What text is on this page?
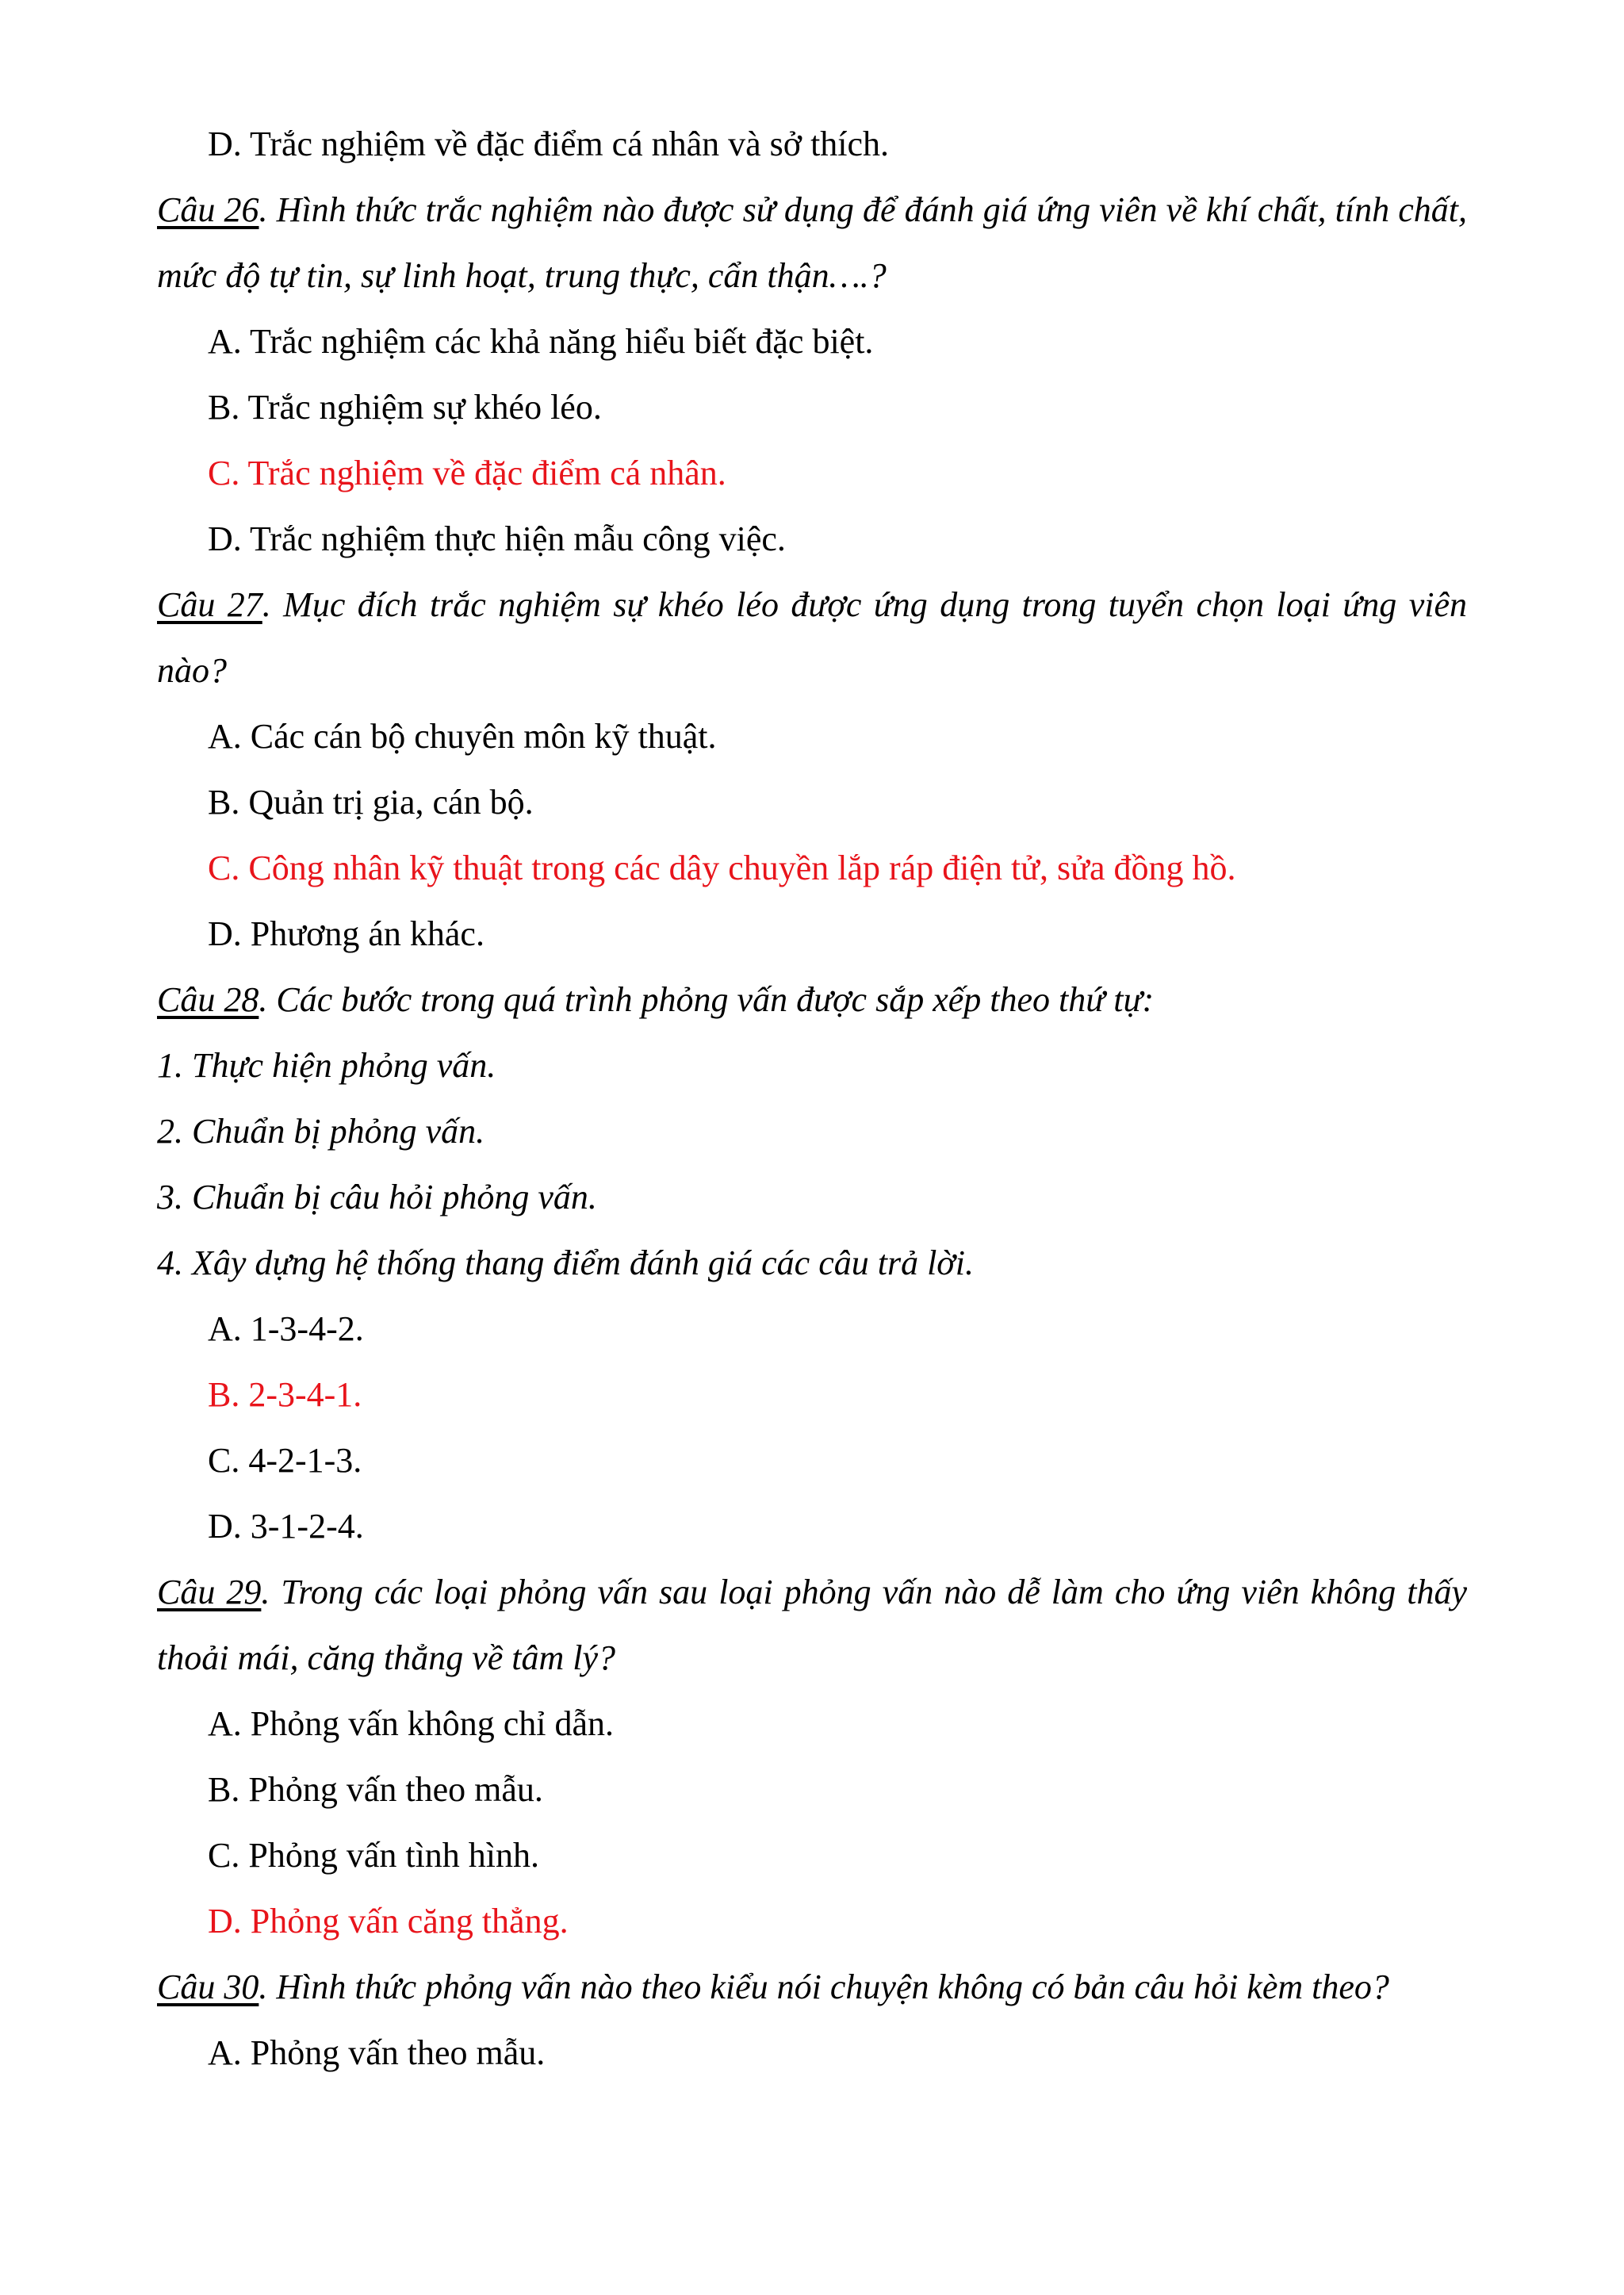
D. Trắc nghiệm về đặc điểm cá nhân và sở thích.
Câu 26. Hình thức trắc nghiệm nào được sử dụng để đánh giá ứng viên về khí chất, tính chất, mức độ tự tin, sự linh hoạt, trung thực, cẩn thận….?
A. Trắc nghiệm các khả năng hiểu biết đặc biệt.
B. Trắc nghiệm sự khéo léo.
C. Trắc nghiệm về đặc điểm cá nhân.
D. Trắc nghiệm thực hiện mẫu công việc.
Câu 27. Mục đích trắc nghiệm sự khéo léo được ứng dụng trong tuyển chọn loại ứng viên nào?
A. Các cán bộ chuyên môn kỹ thuật.
B. Quản trị gia, cán bộ.
C. Công nhân kỹ thuật trong các dây chuyền lắp ráp điện tử, sửa đồng hồ.
D. Phương án khác.
Câu 28. Các bước trong quá trình phỏng vấn được sắp xếp theo thứ tự:
1. Thực hiện phỏng vấn.
2. Chuẩn bị phỏng vấn.
3. Chuẩn bị câu hỏi phỏng vấn.
4. Xây dựng hệ thống thang điểm đánh giá các câu trả lời.
A. 1-3-4-2.
B. 2-3-4-1.
C. 4-2-1-3.
D. 3-1-2-4.
Câu 29. Trong các loại phỏng vấn sau loại phỏng vấn nào dễ làm cho ứng viên không thấy thoải mái, căng thẳng về tâm lý?
A. Phỏng vấn không chỉ dẫn.
B. Phỏng vấn theo mẫu.
C. Phỏng vấn tình hình.
D. Phỏng vấn căng thẳng.
Câu 30. Hình thức phỏng vấn nào theo kiểu nói chuyện không có bản câu hỏi kèm theo?
A. Phỏng vấn theo mẫu.
